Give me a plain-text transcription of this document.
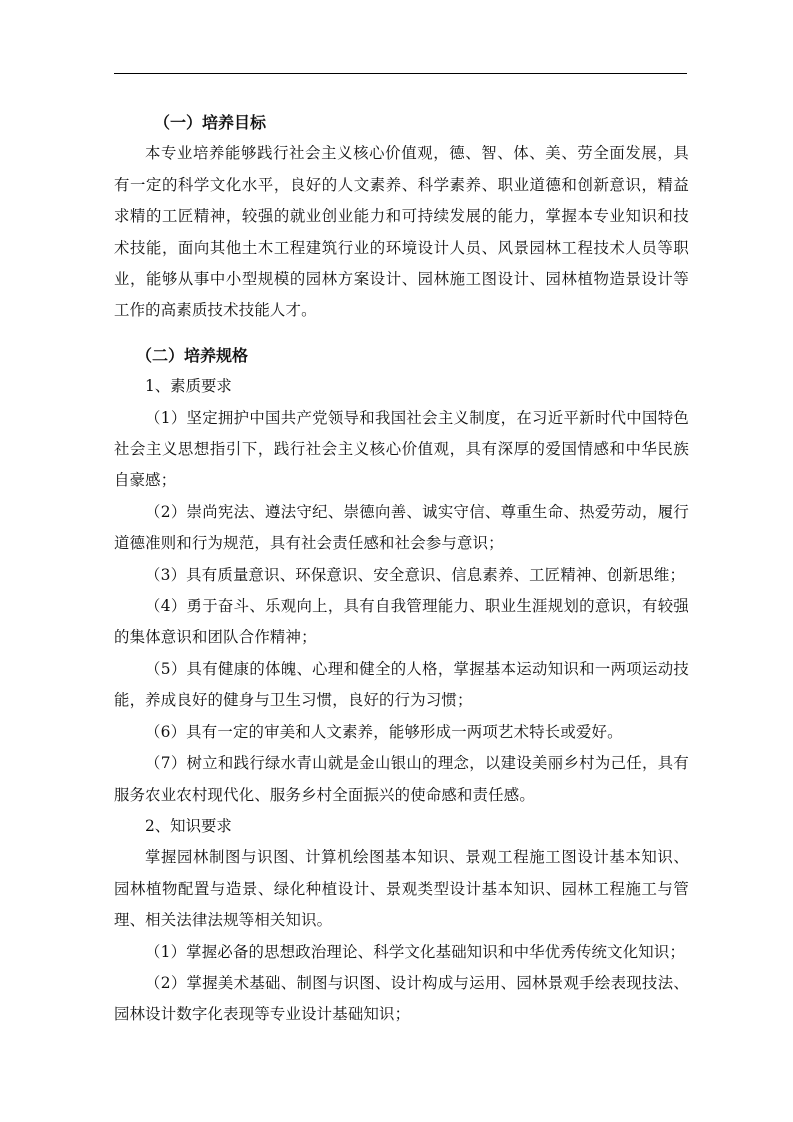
（一）培养目标

本专业培养能够践行社会主义核心价值观，德、智、体、美、劳全面发展，具有一定的科学文化水平，良好的人文素养、科学素养、职业道德和创新意识，精益求精的工匠精神，较强的就业创业能力和可持续发展的能力，掌握本专业知识和技术技能，面向其他土木工程建筑行业的环境设计人员、风景园林工程技术人员等职业，能够从事中小型规模的园林方案设计、园林施工图设计、园林植物造景设计等工作的高素质技术技能人才。

（二）培养规格

1、素质要求

（1）坚定拥护中国共产党领导和我国社会主义制度，在习近平新时代中国特色社会主义思想指引下，践行社会主义核心价值观，具有深厚的爱国情感和中华民族自豪感；

（2）崇尚宪法、遵法守纪、崇德向善、诚实守信、尊重生命、热爱劳动，履行道德准则和行为规范，具有社会责任感和社会参与意识；

（3）具有质量意识、环保意识、安全意识、信息素养、工匠精神、创新思维；

（4）勇于奋斗、乐观向上，具有自我管理能力、职业生涯规划的意识，有较强的集体意识和团队合作精神；

（5）具有健康的体魄、心理和健全的人格，掌握基本运动知识和一两项运动技能，养成良好的健身与卫生习惯，良好的行为习惯；

（6）具有一定的审美和人文素养，能够形成一两项艺术特长或爱好。

（7）树立和践行绿水青山就是金山银山的理念，以建设美丽乡村为己任，具有服务农业农村现代化、服务乡村全面振兴的使命感和责任感。

2、知识要求

掌握园林制图与识图、计算机绘图基本知识、景观工程施工图设计基本知识、园林植物配置与造景、绿化种植设计、景观类型设计基本知识、园林工程施工与管理、相关法律法规等相关知识。

（1）掌握必备的思想政治理论、科学文化基础知识和中华优秀传统文化知识；

（2）掌握美术基础、制图与识图、设计构成与运用、园林景观手绘表现技法、园林设计数字化表现等专业设计基础知识；
